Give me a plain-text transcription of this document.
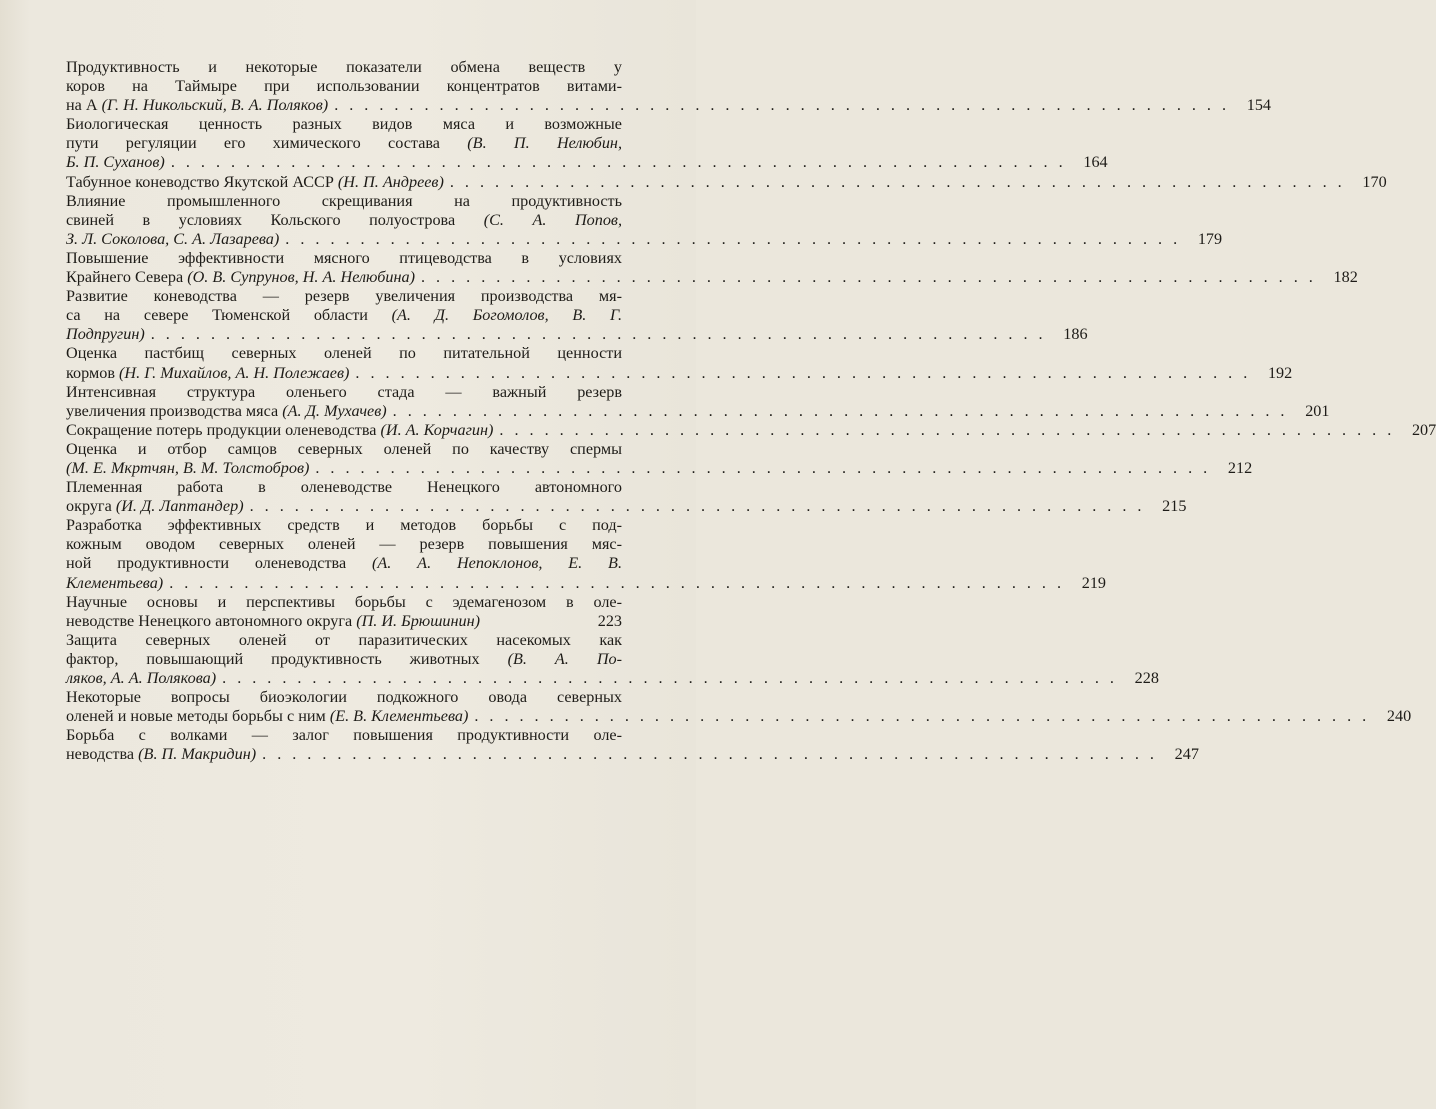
Продуктивность и некоторые показатели обмена веществ у
коров на Таймыре при использовании концентратов витами-
на А (Г. Н. Никольский, В. А. Поляков) ............................................................ 154
Биологическая ценность разных видов мяса и возможные
пути регуляции его химического состава (В. П. Нелюбин,
Б. П. Суханов) ............................................................ 164
Табунное коневодство Якутской АССР (Н. П. Андреев) ............................................................ 170
Влияние промышленного скрещивания на продуктивность
свиней в условиях Кольского полуострова (С. А. Попов,
З. Л. Соколова, С. А. Лазарева) ............................................................ 179
Повышение эффективности мясного птицеводства в условиях
Крайнего Севера (О. В. Супрунов, Н. А. Нелюбина) ............................................................ 182
Развитие коневодства — резерв увеличения производства мя-
са на севере Тюменской области (А. Д. Богомолов, В. Г.
Подпругин) ............................................................ 186
Оценка пастбищ северных оленей по питательной ценности
кормов (Н. Г. Михайлов, А. Н. Полежаев) ............................................................ 192
Интенсивная структура оленьего стада — важный резерв
увеличения производства мяса (А. Д. Мухачев) ............................................................ 201
Сокращение потерь продукции оленеводства (И. А. Корчагин) ............................................................ 207
Оценка и отбор самцов северных оленей по качеству спермы
(М. Е. Мкртчян, В. М. Толстобров) ............................................................ 212
Племенная работа в оленеводстве Ненецкого автономного
округа (И. Д. Лаптандер) ............................................................ 215
Разработка эффективных средств и методов борьбы с под-
кожным оводом северных оленей — резерв повышения мяс-
ной продуктивности оленеводства (А. А. Непоклонов, Е. В.
Клементьева) ............................................................ 219
Научные основы и перспективы борьбы с эдемагенозом в оле-
неводстве Ненецкого автономного округа (П. И. Брюшинин)	223
Защита северных оленей от паразитических насекомых как
фактор, повышающий продуктивность животных (В. А. По-
ляков, А. А. Полякова) ............................................................ 228
Некоторые вопросы биоэкологии подкожного овода северных
оленей и новые методы борьбы с ним (Е. В. Клементьева) ............................................................ 240
Борьба с волками — залог повышения продуктивности оле-
неводства (В. П. Макридин) ............................................................ 247
